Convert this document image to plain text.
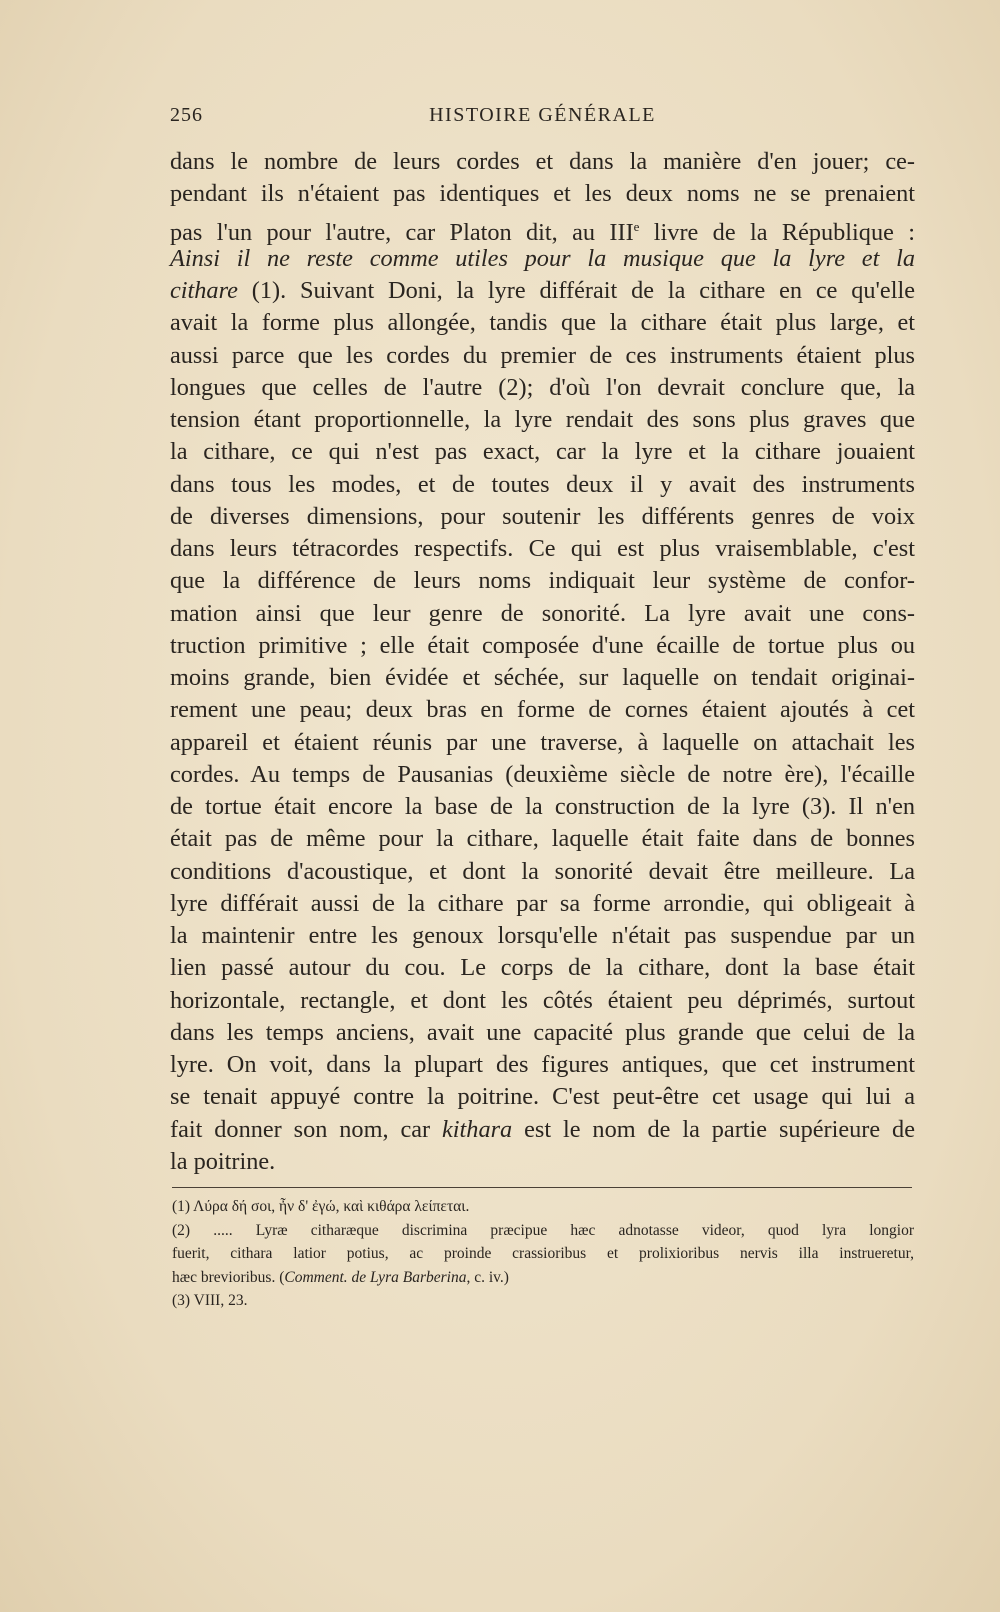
256	HISTOIRE GÉNÉRALE
dans le nombre de leurs cordes et dans la manière d'en jouer; ce-
pendant ils n'étaient pas identiques et les deux noms ne se prenaient
pas l'un pour l'autre, car Platon dit, au IIIe livre de la République :
Ainsi il ne reste comme utiles pour la musique que la lyre et la
cithare (1). Suivant Doni, la lyre différait de la cithare en ce qu'elle
avait la forme plus allongée, tandis que la cithare était plus large, et
aussi parce que les cordes du premier de ces instruments étaient plus
longues que celles de l'autre (2); d'où l'on devrait conclure que, la
tension étant proportionnelle, la lyre rendait des sons plus graves que
la cithare, ce qui n'est pas exact, car la lyre et la cithare jouaient
dans tous les modes, et de toutes deux il y avait des instruments
de diverses dimensions, pour soutenir les différents genres de voix
dans leurs tétracordes respectifs. Ce qui est plus vraisemblable, c'est
que la différence de leurs noms indiquait leur système de confor-
mation ainsi que leur genre de sonorité. La lyre avait une cons-
truction primitive ; elle était composée d'une écaille de tortue plus ou
moins grande, bien évidée et séchée, sur laquelle on tendait originai-
rement une peau; deux bras en forme de cornes étaient ajoutés à cet
appareil et étaient réunis par une traverse, à laquelle on attachait les
cordes. Au temps de Pausanias (deuxième siècle de notre ère), l'écaille
de tortue était encore la base de la construction de la lyre (3). Il n'en
était pas de même pour la cithare, laquelle était faite dans de bonnes
conditions d'acoustique, et dont la sonorité devait être meilleure. La
lyre différait aussi de la cithare par sa forme arrondie, qui obligeait à
la maintenir entre les genoux lorsqu'elle n'était pas suspendue par un
lien passé autour du cou. Le corps de la cithare, dont la base était
horizontale, rectangle, et dont les côtés étaient peu déprimés, surtout
dans les temps anciens, avait une capacité plus grande que celui de la
lyre. On voit, dans la plupart des figures antiques, que cet instrument
se tenait appuyé contre la poitrine. C'est peut-être cet usage qui lui a
fait donner son nom, car kithara est le nom de la partie supérieure de
la poitrine.
(1) Λύρα δή σοι, ἦν δ' ἐγώ, καὶ κιθάρα λείπεται.
(2) ..... Lyræ citharæque discrimina præcipue hæc adnotasse videor, quod lyra longior
fuerit, cithara latior potius, ac proinde crassioribus et prolixioribus nervis illa instrueretur,
hæc brevioribus. (Comment. de Lyra Barberina, c. iv.)
(3) VIII, 23.
